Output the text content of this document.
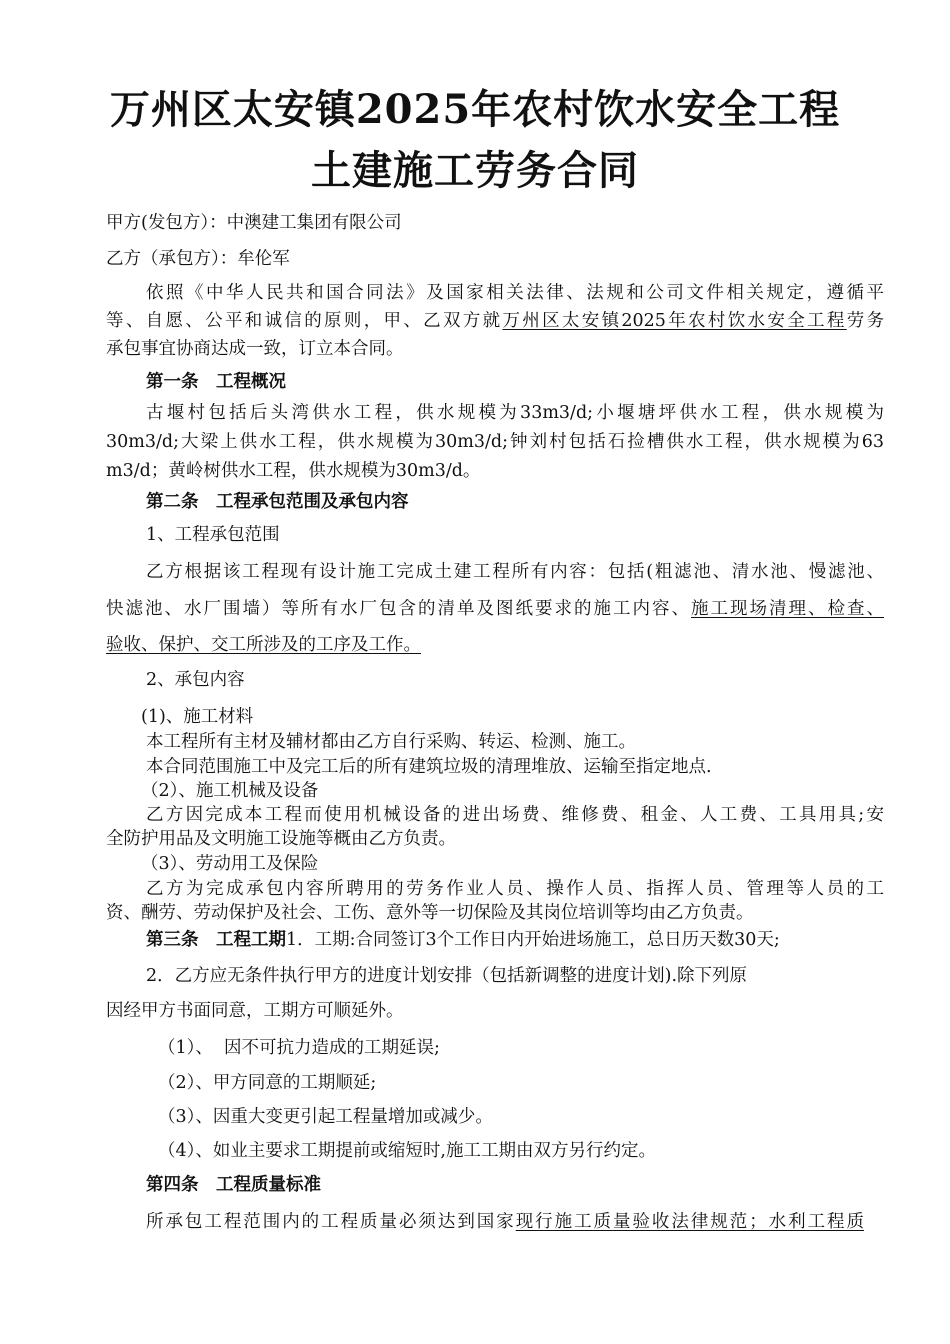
万州区太安镇2025年农村饮水安全工程
土建施工劳务合同
甲方(发包方）：中澳建工集团有限公司
乙方（承包方）：牟伦军
依照《中华人民共和国合同法》及国家相关法律、法规和公司文件相关规定，遵循平
等、自愿、公平和诚信的原则，甲、乙双方就万州区太安镇2025年农村饮水安全工程劳务
承包事宜协商达成一致，订立本合同。
第一条　工程概况
古堰村包括后头湾供水工程，供水规模为33m3/d;小堰塘坪供水工程，供水规模为
30m3/d;大梁上供水工程，供水规模为30m3/d;钟刘村包括石捡槽供水工程，供水规模为63
m3/d；黄岭树供水工程，供水规模为30m3/d。
第二条　工程承包范围及承包内容
1、工程承包范围
乙方根据该工程现有设计施工完成土建工程所有内容：包括(粗滤池、清水池、慢滤池、
快滤池、水厂围墙）等所有水厂包含的清单及图纸要求的施工内容、施工现场清理、检查、
验收、保护、交工所涉及的工序及工作。
2、承包内容
(1)、施工材料
本工程所有主材及辅材都由乙方自行采购、转运、检测、施工。
本合同范围施工中及完工后的所有建筑垃圾的清理堆放、运输至指定地点.
（2）、施工机械及设备
乙方因完成本工程而使用机械设备的进出场费、维修费、租金、人工费、工具用具;安
全防护用品及文明施工设施等概由乙方负责。
（3）、劳动用工及保险
乙方为完成承包内容所聘用的劳务作业人员、操作人员、指挥人员、管理等人员的工
资、酬劳、劳动保护及社会、工伤、意外等一切保险及其岗位培训等均由乙方负责。
第三条　工程工期1．工期:合同签订3个工作日内开始进场施工，总日历天数30天;
2．乙方应无条件执行甲方的进度计划安排（包括新调整的进度计划).除下列原
因经甲方书面同意，工期方可顺延外。
（1）、  因不可抗力造成的工期延误;
（2）、甲方同意的工期顺延;
（3）、因重大变更引起工程量增加或减少。
（4）、如业主要求工期提前或缩短时,施工工期由双方另行约定。
第四条　工程质量标准
所承包工程范围内的工程质量必须达到国家现行施工质量验收法律规范；水利工程质
